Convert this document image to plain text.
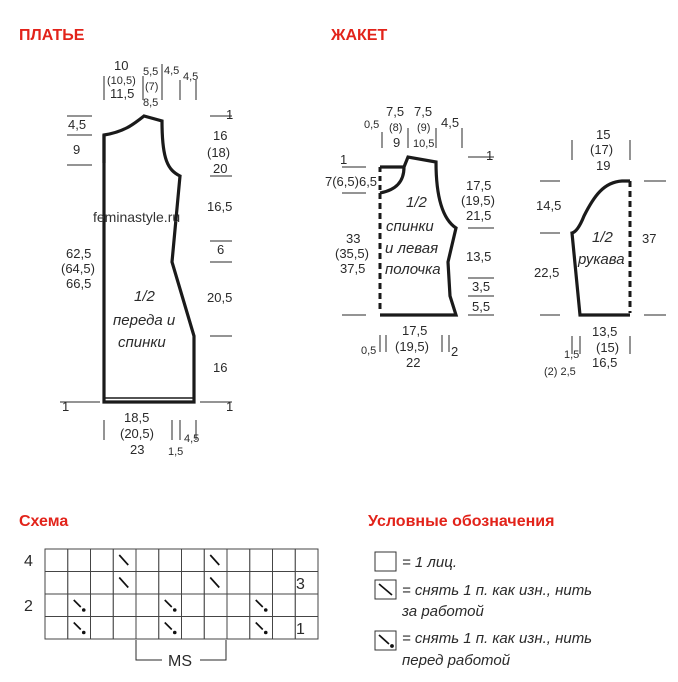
ПЛАТЬЕ	ЖАКЕТ
Схема	Условные обозначения
10
(10,5)
11,5
5,5
(7)
8,5
4,5 4,5
4,5
9
62,5
(64,5)
66,5
1
1
16
(18)
20
16,5
6
20,5
16
1
18,5
(20,5)
23 1,5
4,5
1/2
переда и
спинки
feminastyle.ru
0,5
7,5
(8)
9
7,5
(9)
10,5
4,5
1
7(6,5)6,5
33
(35,5)
37,5
1
17,5
(19,5)
21,5
13,5
3,5
5,5
0,5
17,5
(19,5)
22
2
1/2
спинки
и левая
полочка
15
(17)
19
14,5
22,5
37
13,5
(15)
16,5
1,5
(2) 2,5
1/2
рукава
4
2
3
1
MS
= 1 лиц.
= снять 1 п. как изн., нить
за работой
= снять 1 п. как изн., нить
перед работой
